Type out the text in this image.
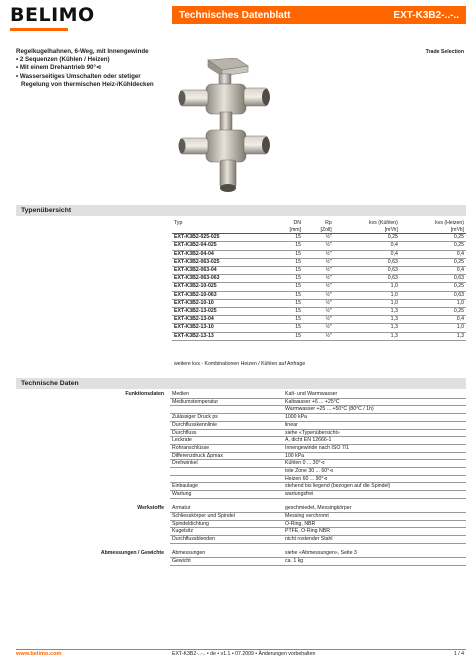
BELIMO	Technisches Datenblatt	EXT-K3B2-..-..
Regelkugelhahnen, 6-Weg, mit Innengewinde
• 2 Sequenzen (Kühlen / Heizen)
• Mit einem Drehantrieb 90°⊲
• Wasserseitiges Umschalten oder stetiger Regelung von thermischen Heiz-/Kühldecken
Trade Selection
Typenübersicht
Typ	DN	Rp	kvs (Kühlen)	kvs (Heizen)
	[mm]	[Zoll]	[m³/h]	[m³/h]
EXT-K3B2-025-025	15	½"	0,25	0,25
EXT-K3B2-04-025	15	½"	0,4	0,25
EXT-K3B2-04-04	15	½"	0,4	0,4
EXT-K3B2-063-025	15	½"	0,63	0,25
EXT-K3B2-063-04	15	½"	0,63	0,4
EXT-K3B2-063-063	15	½"	0,63	0,63
EXT-K3B2-10-025	15	½"	1,0	0,25
EXT-K3B2-10-063	15	½"	1,0	0,63
EXT-K3B2-10-10	15	½"	1,0	1,0
EXT-K3B2-13-025	15	½"	1,3	0,25
EXT-K3B2-13-04	15	½"	1,3	0,4
EXT-K3B2-13-10	15	½"	1,3	1,0
EXT-K3B2-13-13	15	½"	1,3	1,3
weitere kvs - Kombinationen Heizen / Kühlen auf Anfrage
Technische Daten
Funktionsdaten	Medien	Kalt- und Warmwasser
	Mediumstemperatur	Kaltwasser +6 ... +25°C
		Warmwasser +25 ... +50°C (80°C / 1h)
	Zulässiger Druck ps	1000 kPa
	Durchflusskennlinie	linear
	Durchfluss	siehe «Typenübersicht»
	Leckrate	A, dicht EN 12666-1
	Rohranschlüsse	Innengewinde nach ISO 7/1
	Differenzdruck Δpmax	100 kPa
	Drehwinkel	Kühlen 0 ... 30°⊲
		tote Zone 30 ... 60°⊲
		Heizen 60 ... 90°⊲
	Einbaulage	stehend bis liegend (bezogen auf die Spindel)
	Wartung	wartungsfrei

Werkstoffe	Armatur	geschmiedet, Messingkörper
	Schliesskörper und Spindel	Messing verchromt
	Spindeldichtung	O-Ring, NBR
	Kugelsitz	PTFE, O-Ring NBR
	Durchflussblenden	nicht rostender Stahl

Abmessungen / Gewichte	Abmessungen	siehe «Abmessungen», Seite 3
	Gewicht	ca. 1 kg
www.belimo.com	EXT-K3B2-..-.. • de • v1.1 • 07.2009 • Änderungen vorbehalten	1 / 4
